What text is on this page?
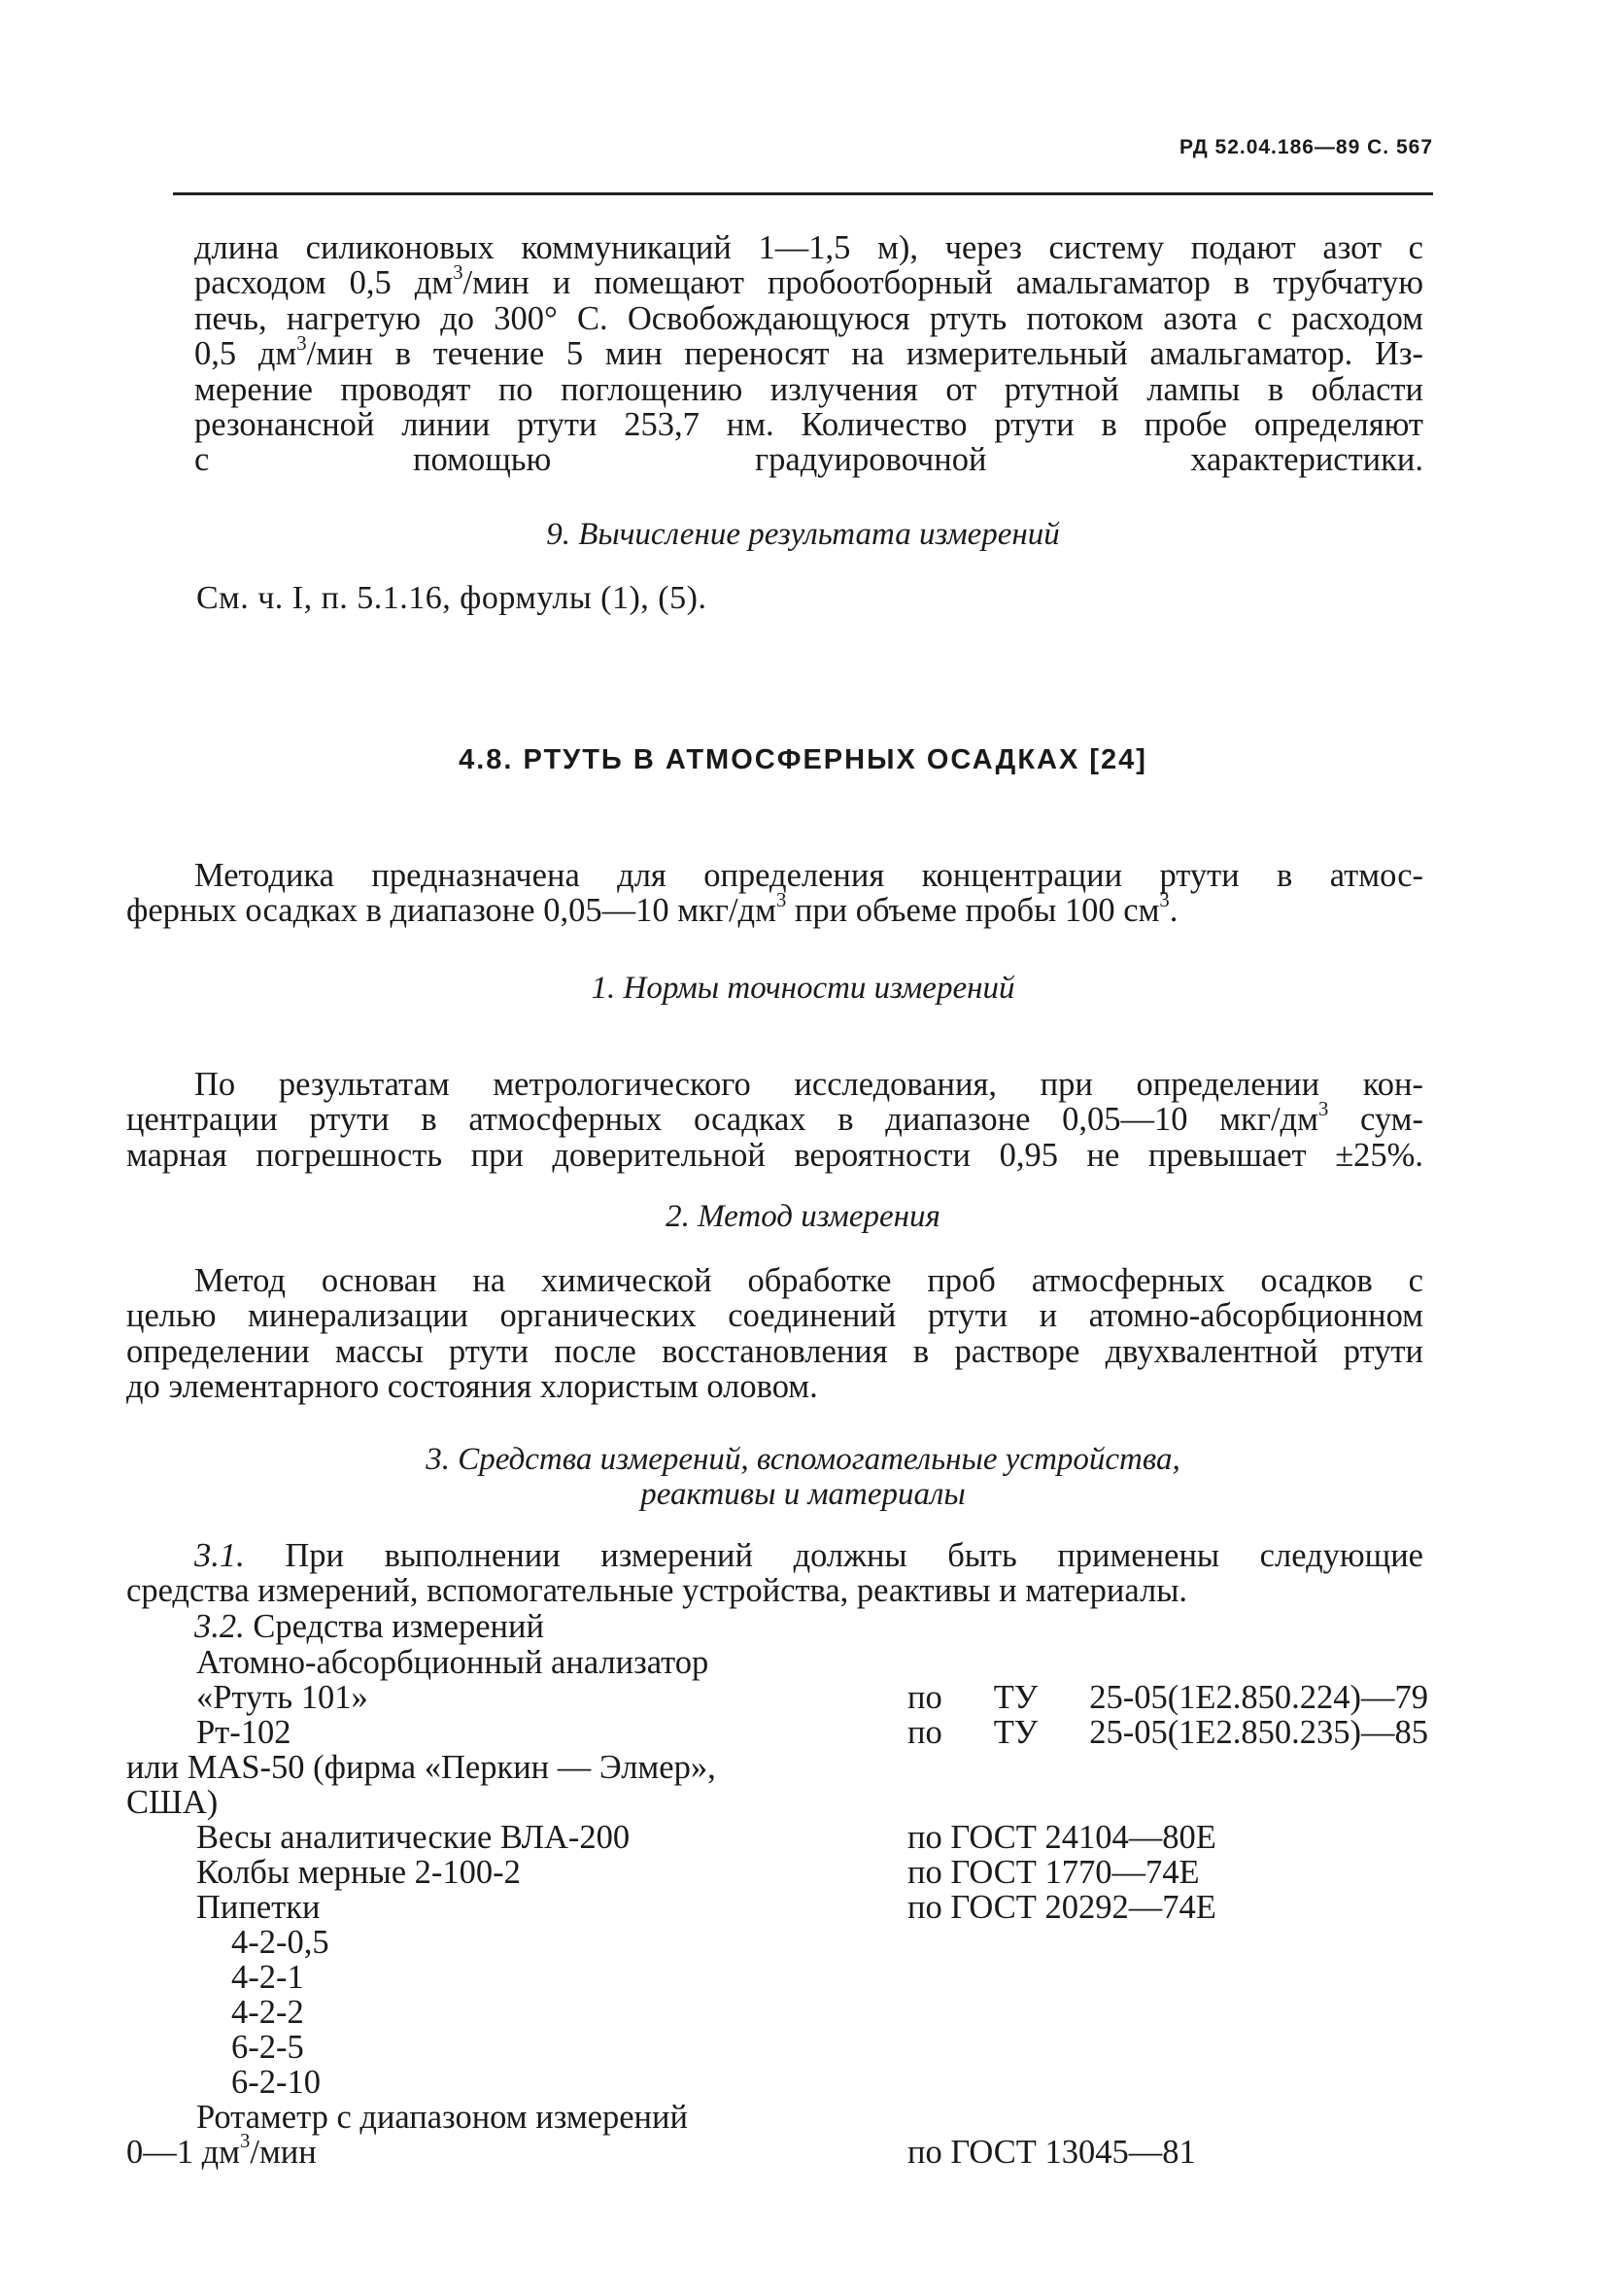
РД 52.04.186—89 С. 567
длина силиконовых коммуникаций 1—1,5 м), через систему подают азот с
расходом 0,5 $дм^3$/мин и помещают пробоотборный амальгаматор в трубчатую
печь, нагретую до 300° С. Освобождающуюся ртуть потоком азота с расходом
0,5 $дм^3$/мин в течение 5 мин переносят на измерительный амальгаматор. Из-
мерение проводят по поглощению излучения от ртутной лампы в области
резонансной линии ртути 253,7 нм. Количество ртути в пробе определяют
с помощью градуировочной характеристики.
9. Вычисление результата измерений
См. ч. I, п. 5.1.16, формулы (1), (5).
4.8. РТУТЬ В АТМОСФЕРНЫХ ОСАДКАХ [24]
Методика предназначена для определения концентрации ртути в атмос-
ферных осадках в диапазоне 0,05—10 мкг/$дм^3$ при объеме пробы 100 $см^3$.
1. Нормы точности измерений
По результатам метрологического исследования, при определении кон-
центрации ртути в атмосферных осадках в диапазоне 0,05—10 мкг/$дм^3$ сум-
марная погрешность при доверительной вероятности 0,95 не превышает ±25%.
2. Метод измерения
Метод основан на химической обработке проб атмосферных осадков с
целью минерализации органических соединений ртути и атомно-абсорбционном
определении массы ртути после восстановления в растворе двухвалентной ртути
до элементарного состояния хлористым оловом.
3. Средства измерений, вспомогательные устройства,
реактивы и материалы
3.1. При выполнении измерений должны быть применены следующие
средства измерений, вспомогательные устройства, реактивы и материалы.
3.2. Средства измерений
Атомно-абсорбционный анализатор
«Ртуть 101»	по ТУ 25-05(1Е2.850.224)—79
Рт-102	по ТУ 25-05(1Е2.850.235)—85
или MAS-50 (фирма «Перкин — Элмер»,
США)
Весы аналитические ВЛА-200	по ГОСТ 24104—80Е
Колбы мерные 2-100-2	по ГОСТ 1770—74Е
Пипетки	по ГОСТ 20292—74Е
4-2-0,5
4-2-1
4-2-2
6-2-5
6-2-10
Ротаметр с диапазоном измерений
0—1 $дм^3$/мин	по ГОСТ 13045—81
